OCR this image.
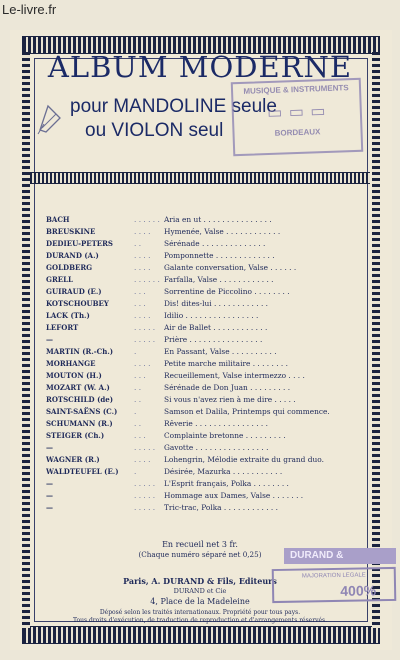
Le-livre.fr
ALBUM MODERNE
pour MANDOLINE seule
ou VIOLON seul
MUSIQUE & INSTRUMENTS
▭ ▭ ▭
BORDEAUX
BACH	. . . . . . Aria en ut . . . . . . . . . . . . . . .
BREUSKINE	. . . .	Hymenée, Valse . . . . . . . . . . . .
DEDIEU-PETERS	. .	Sérénade . . . . . . . . . . . . . .
DURAND (A.)	. . . .	Pomponnette . . . . . . . . . . . . .
GOLDBERG	. . . .	Galante conversation, Valse . . . . . .
GRELL	. . . . . . Farfalla, Valse . . . . . . . . . . . .
GUIRAUD (E.)	. . .	Sorrentine de Piccolino . . . . . . . .
KOTSCHOUBEY	. . .	Dis! dites-lui . . . . . . . . . . . .
LACK (Th.)	. . . .	Idilio . . . . . . . . . . . . . . . .
LEFORT	. . . . .	Air de Ballet . . . . . . . . . . . .
—	. . . . .	Prière . . . . . . . . . . . . . . . .
MARTIN (R.-Ch.)	.	En Passant, Valse . . . . . . . . . .
MORHANGE	. . . .	Petite marche militaire . . . . . . . .
MOUTON (H.)	. . .	Recueillement, Valse intermezzo . . . .
MOZART (W. A.)	. .	Sérénade de Don Juan . . . . . . . . .
ROTSCHILD (de)	. .	Si vous n'avez rien à me dire . . . . .
SAINT-SAËNS (C.)	.	Samson et Dalila, Printemps qui commence.
SCHUMANN (R.)	. .	Rêverie . . . . . . . . . . . . . . . .
STEIGER (Ch.)	. . .	Complainte bretonne . . . . . . . . .
—	. . . . .	Gavotte . . . . . . . . . . . . . . . .
WAGNER (R.)	. . . .	Lohengrin, Mélodie extraite du grand duo.
WALDTEUFEL (E.)	.	Désirée, Mazurka . . . . . . . . . . .
—	. . . . .	L'Esprit français, Polka . . . . . . . .
—	. . . . .	Hommage aux Dames, Valse . . . . . . .
—	. . . . .	Tric-trac, Polka . . . . . . . . . . . .
En recueil net 3 fr.
(Chaque numéro séparé net 0,25)
Paris, A. DURAND & Fils, Editeurs
DURAND et Cie
4, Place de la Madeleine
Déposé selon les traités internationaux. Propriété pour tous pays.
Tous droits d'exécution, de traduction de reproduction et d'arrangements réservés.
DURAND &
MAJORATION LEGALE
400%
